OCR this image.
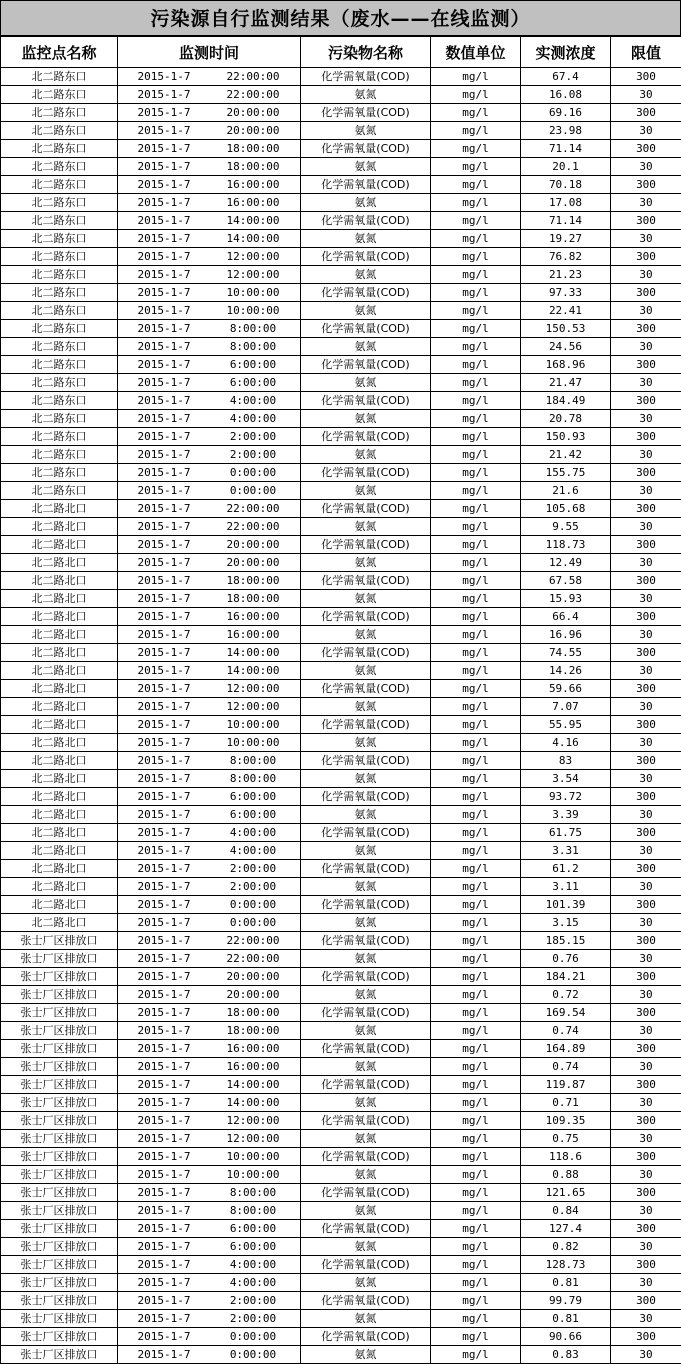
污染源自行监测结果（废水——在线监测）
监控点名称	监测时间	污染物名称	数值单位	实测浓度	限值
北二路东口	2015-1-7 22:00:00	化学需氧量(COD)	mg/l	67.4	300
北二路东口	2015-1-7 22:00:00	氨氮	mg/l	16.08	30
北二路东口	2015-1-7 20:00:00	化学需氧量(COD)	mg/l	69.16	300
北二路东口	2015-1-7 20:00:00	氨氮	mg/l	23.98	30
北二路东口	2015-1-7 18:00:00	化学需氧量(COD)	mg/l	71.14	300
北二路东口	2015-1-7 18:00:00	氨氮	mg/l	20.1	30
北二路东口	2015-1-7 16:00:00	化学需氧量(COD)	mg/l	70.18	300
北二路东口	2015-1-7 16:00:00	氨氮	mg/l	17.08	30
北二路东口	2015-1-7 14:00:00	化学需氧量(COD)	mg/l	71.14	300
北二路东口	2015-1-7 14:00:00	氨氮	mg/l	19.27	30
北二路东口	2015-1-7 12:00:00	化学需氧量(COD)	mg/l	76.82	300
北二路东口	2015-1-7 12:00:00	氨氮	mg/l	21.23	30
北二路东口	2015-1-7 10:00:00	化学需氧量(COD)	mg/l	97.33	300
北二路东口	2015-1-7 10:00:00	氨氮	mg/l	22.41	30
北二路东口	2015-1-7 8:00:00	化学需氧量(COD)	mg/l	150.53	300
北二路东口	2015-1-7 8:00:00	氨氮	mg/l	24.56	30
北二路东口	2015-1-7 6:00:00	化学需氧量(COD)	mg/l	168.96	300
北二路东口	2015-1-7 6:00:00	氨氮	mg/l	21.47	30
北二路东口	2015-1-7 4:00:00	化学需氧量(COD)	mg/l	184.49	300
北二路东口	2015-1-7 4:00:00	氨氮	mg/l	20.78	30
北二路东口	2015-1-7 2:00:00	化学需氧量(COD)	mg/l	150.93	300
北二路东口	2015-1-7 2:00:00	氨氮	mg/l	21.42	30
北二路东口	2015-1-7 0:00:00	化学需氧量(COD)	mg/l	155.75	300
北二路东口	2015-1-7 0:00:00	氨氮	mg/l	21.6	30
北二路北口	2015-1-7 22:00:00	化学需氧量(COD)	mg/l	105.68	300
北二路北口	2015-1-7 22:00:00	氨氮	mg/l	9.55	30
北二路北口	2015-1-7 20:00:00	化学需氧量(COD)	mg/l	118.73	300
北二路北口	2015-1-7 20:00:00	氨氮	mg/l	12.49	30
北二路北口	2015-1-7 18:00:00	化学需氧量(COD)	mg/l	67.58	300
北二路北口	2015-1-7 18:00:00	氨氮	mg/l	15.93	30
北二路北口	2015-1-7 16:00:00	化学需氧量(COD)	mg/l	66.4	300
北二路北口	2015-1-7 16:00:00	氨氮	mg/l	16.96	30
北二路北口	2015-1-7 14:00:00	化学需氧量(COD)	mg/l	74.55	300
北二路北口	2015-1-7 14:00:00	氨氮	mg/l	14.26	30
北二路北口	2015-1-7 12:00:00	化学需氧量(COD)	mg/l	59.66	300
北二路北口	2015-1-7 12:00:00	氨氮	mg/l	7.07	30
北二路北口	2015-1-7 10:00:00	化学需氧量(COD)	mg/l	55.95	300
北二路北口	2015-1-7 10:00:00	氨氮	mg/l	4.16	30
北二路北口	2015-1-7 8:00:00	化学需氧量(COD)	mg/l	83	300
北二路北口	2015-1-7 8:00:00	氨氮	mg/l	3.54	30
北二路北口	2015-1-7 6:00:00	化学需氧量(COD)	mg/l	93.72	300
北二路北口	2015-1-7 6:00:00	氨氮	mg/l	3.39	30
北二路北口	2015-1-7 4:00:00	化学需氧量(COD)	mg/l	61.75	300
北二路北口	2015-1-7 4:00:00	氨氮	mg/l	3.31	30
北二路北口	2015-1-7 2:00:00	化学需氧量(COD)	mg/l	61.2	300
北二路北口	2015-1-7 2:00:00	氨氮	mg/l	3.11	30
北二路北口	2015-1-7 0:00:00	化学需氧量(COD)	mg/l	101.39	300
北二路北口	2015-1-7 0:00:00	氨氮	mg/l	3.15	30
张士厂区排放口	2015-1-7 22:00:00	化学需氧量(COD)	mg/l	185.15	300
张士厂区排放口	2015-1-7 22:00:00	氨氮	mg/l	0.76	30
张士厂区排放口	2015-1-7 20:00:00	化学需氧量(COD)	mg/l	184.21	300
张士厂区排放口	2015-1-7 20:00:00	氨氮	mg/l	0.72	30
张士厂区排放口	2015-1-7 18:00:00	化学需氧量(COD)	mg/l	169.54	300
张士厂区排放口	2015-1-7 18:00:00	氨氮	mg/l	0.74	30
张士厂区排放口	2015-1-7 16:00:00	化学需氧量(COD)	mg/l	164.89	300
张士厂区排放口	2015-1-7 16:00:00	氨氮	mg/l	0.74	30
张士厂区排放口	2015-1-7 14:00:00	化学需氧量(COD)	mg/l	119.87	300
张士厂区排放口	2015-1-7 14:00:00	氨氮	mg/l	0.71	30
张士厂区排放口	2015-1-7 12:00:00	化学需氧量(COD)	mg/l	109.35	300
张士厂区排放口	2015-1-7 12:00:00	氨氮	mg/l	0.75	30
张士厂区排放口	2015-1-7 10:00:00	化学需氧量(COD)	mg/l	118.6	300
张士厂区排放口	2015-1-7 10:00:00	氨氮	mg/l	0.88	30
张士厂区排放口	2015-1-7 8:00:00	化学需氧量(COD)	mg/l	121.65	300
张士厂区排放口	2015-1-7 8:00:00	氨氮	mg/l	0.84	30
张士厂区排放口	2015-1-7 6:00:00	化学需氧量(COD)	mg/l	127.4	300
张士厂区排放口	2015-1-7 6:00:00	氨氮	mg/l	0.82	30
张士厂区排放口	2015-1-7 4:00:00	化学需氧量(COD)	mg/l	128.73	300
张士厂区排放口	2015-1-7 4:00:00	氨氮	mg/l	0.81	30
张士厂区排放口	2015-1-7 2:00:00	化学需氧量(COD)	mg/l	99.79	300
张士厂区排放口	2015-1-7 2:00:00	氨氮	mg/l	0.81	30
张士厂区排放口	2015-1-7 0:00:00	化学需氧量(COD)	mg/l	90.66	300
张士厂区排放口	2015-1-7 0:00:00	氨氮	mg/l	0.83	30
